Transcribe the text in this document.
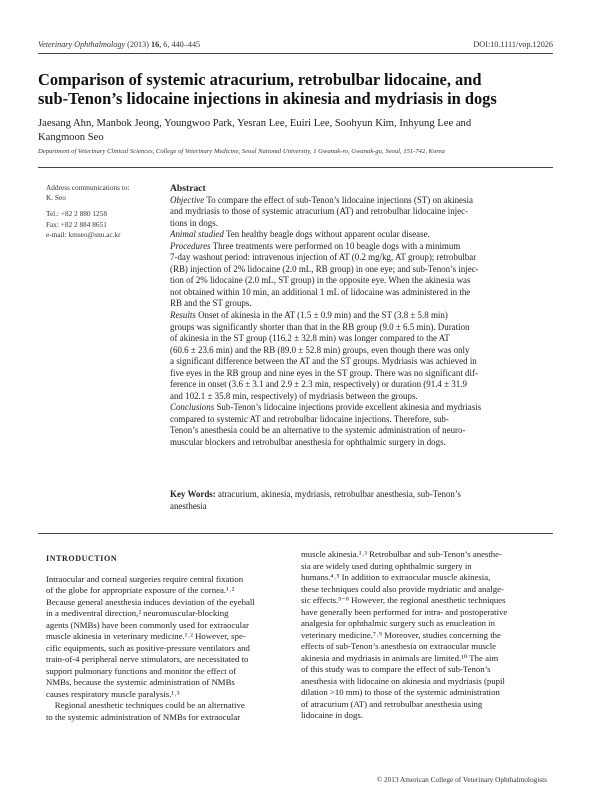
Veterinary Ophthalmology (2013) 16, 6, 440–445	DOI:10.1111/vop.12026
Comparison of systemic atracurium, retrobulbar lidocaine, and
sub-Tenon’s lidocaine injections in akinesia and mydriasis in dogs
Jaesang Ahn, Manbok Jeong, Youngwoo Park, Yesran Lee, Euiri Lee, Soohyun Kim, Inhyung Lee and
Kangmoon Seo
Department of Veterinary Clinical Sciences, College of Veterinary Medicine, Seoul National University, 1 Gwanak-ro, Gwanak-gu, Seoul, 151-742, Korea
Address communications to:
K. Seo
Tel.: +82 2 880 1258
Fax: +82 2 884 8651
e-mail: kmseo@snu.ac.kr
Abstract

Objective To compare the effect of sub-Tenon’s lidocaine injections (ST) on akinesia
and mydriasis to those of systemic atracurium (AT) and retrobulbar lidocaine injec-
tions in dogs.

Animal studied Ten healthy beagle dogs without apparent ocular disease.

Procedures Three treatments were performed on 10 beagle dogs with a minimum
7-day washout period: intravenous injection of AT (0.2 mg/kg, AT group); retrobulbar
(RB) injection of 2% lidocaine (2.0 mL, RB group) in one eye; and sub-Tenon’s injec-
tion of 2% lidocaine (2.0 mL, ST group) in the opposite eye. When the akinesia was
not obtained within 10 min, an additional 1 mL of lidocaine was administered in the
RB and the ST groups.

Results Onset of akinesia in the AT (1.5 ± 0.9 min) and the ST (3.8 ± 5.8 min)
groups was significantly shorter than that in the RB group (9.0 ± 6.5 min). Duration
of akinesia in the ST group (116.2 ± 32.8 min) was longer compared to the AT
(60.6 ± 23.6 min) and the RB (89.0 ± 52.8 min) groups, even though there was only
a significant difference between the AT and the ST groups. Mydriasis was achieved in
five eyes in the RB group and nine eyes in the ST group. There was no significant dif-
ference in onset (3.6 ± 3.1 and 2.9 ± 2.3 min, respectively) or duration (91.4 ± 31.9
and 102.1 ± 35.8 min, respectively) of mydriasis between the groups.

Conclusions Sub-Tenon’s lidocaine injections provide excellent akinesia and mydriasis
compared to systemic AT and retrobulbar lidocaine injections. Therefore, sub-
Tenon’s anesthesia could be an alternative to the systemic administration of neuro-
muscular blockers and retrobulbar anesthesia for ophthalmic surgery in dogs.

Key Words: atracurium, akinesia, mydriasis, retrobulbar anesthesia, sub-Tenon’s
anesthesia
INTRODUCTION
Intraocular and corneal surgeries require central fixation
of the globe for appropriate exposure of the cornea.¹˒²
Because general anesthesia induces deviation of the eyeball
in a mediventral direction,² neuromuscular-blocking
agents (NMBs) have been commonly used for extraocular
muscle akinesia in veterinary medicine.¹˒² However, spe-
cific equipments, such as positive-pressure ventilators and
train-of-4 peripheral nerve stimulators, are necessitated to
support pulmonary functions and monitor the effect of
NMBs, because the systemic administration of NMBs
causes respiratory muscle paralysis.¹˒³
Regional anesthetic techniques could be an alternative
to the systemic administration of NMBs for extraocular
muscle akinesia.¹˒³ Retrobulbar and sub-Tenon’s anesthe-
sia are widely used during ophthalmic surgery in
humans.⁴˒⁵ In addition to extraocular muscle akinesia,
these techniques could also provide mydriatic and analge-
sic effects.⁵⁻⁸ However, the regional anesthetic techniques
have generally been performed for intra- and postoperative
analgesia for ophthalmic surgery such as enucleation in
veterinary medicine.⁷˒⁹ Moreover, studies concerning the
effects of sub-Tenon’s anesthesia on extraocular muscle
akinesia and mydriasis in animals are limited.¹⁰ The aim
of this study was to compare the effect of sub-Tenon’s
anesthesia with lidocaine on akinesia and mydriasis (pupil
dilation >10 mm) to those of the systemic administration
of atracurium (AT) and retrobulbar anesthesia using
lidocaine in dogs.
© 2013 American College of Veterinary Ophthalmologists
